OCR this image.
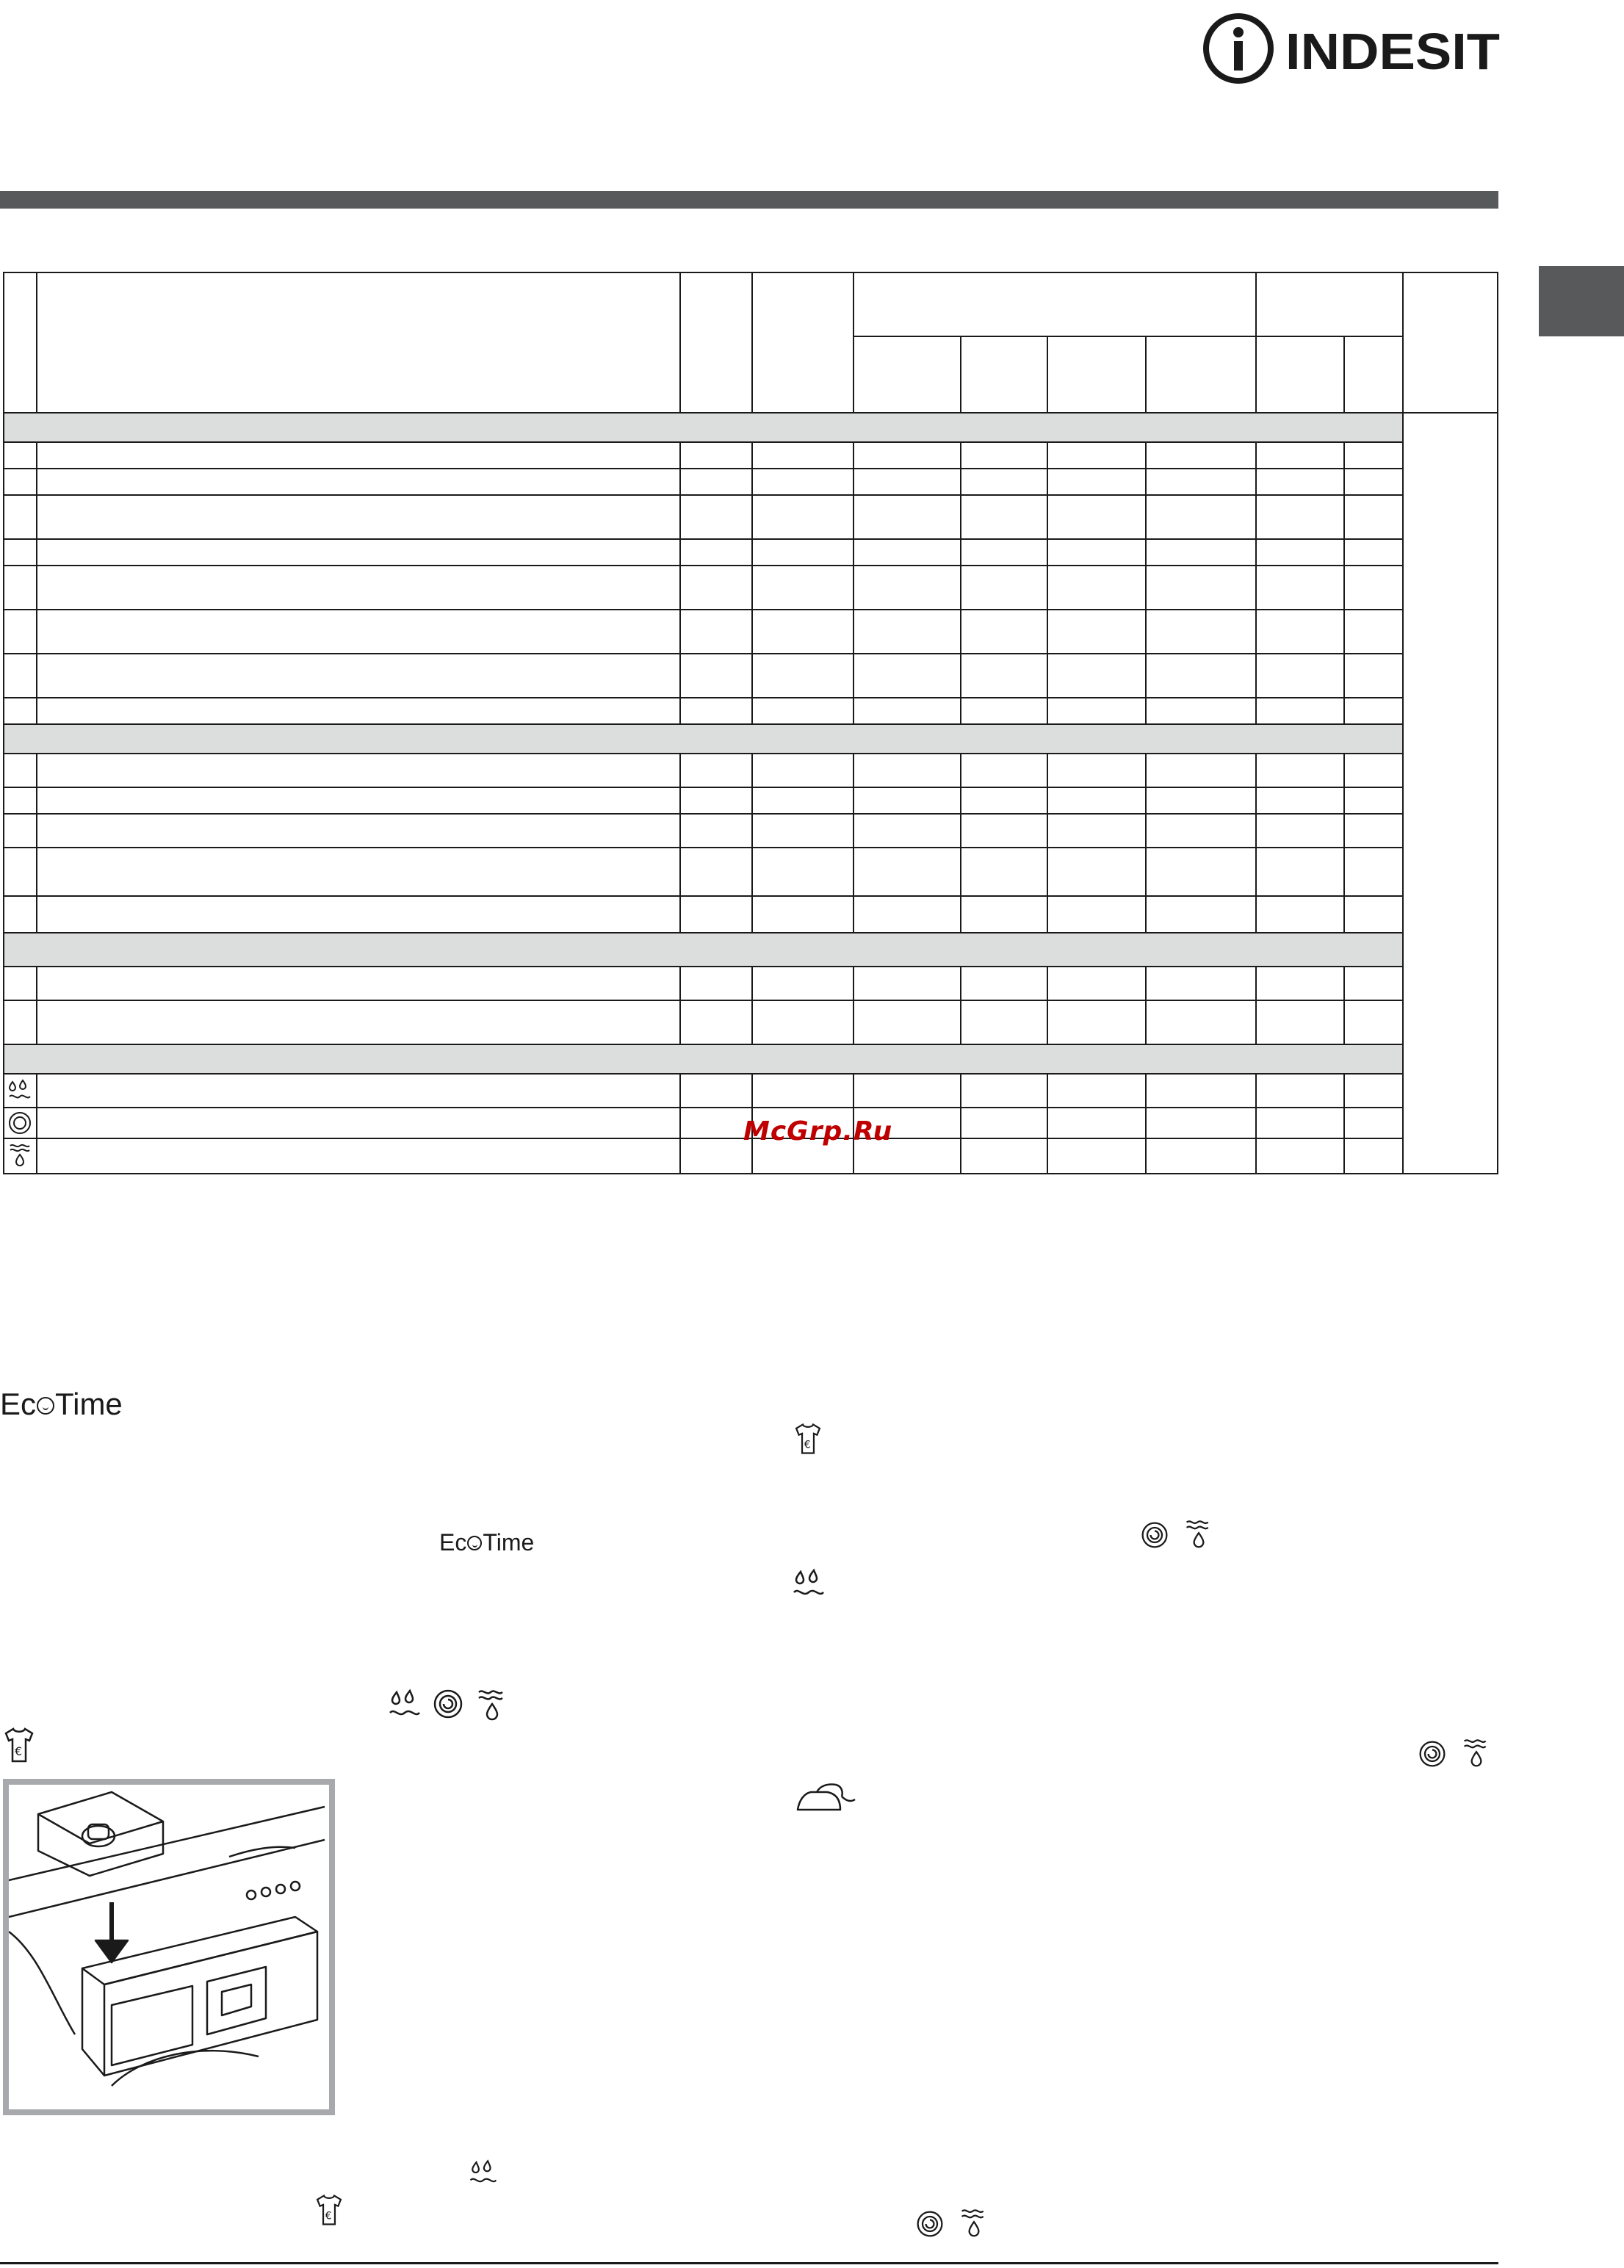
INDESIT
McGrp.Ru
Ec Time
Ec Time
€
€
€
